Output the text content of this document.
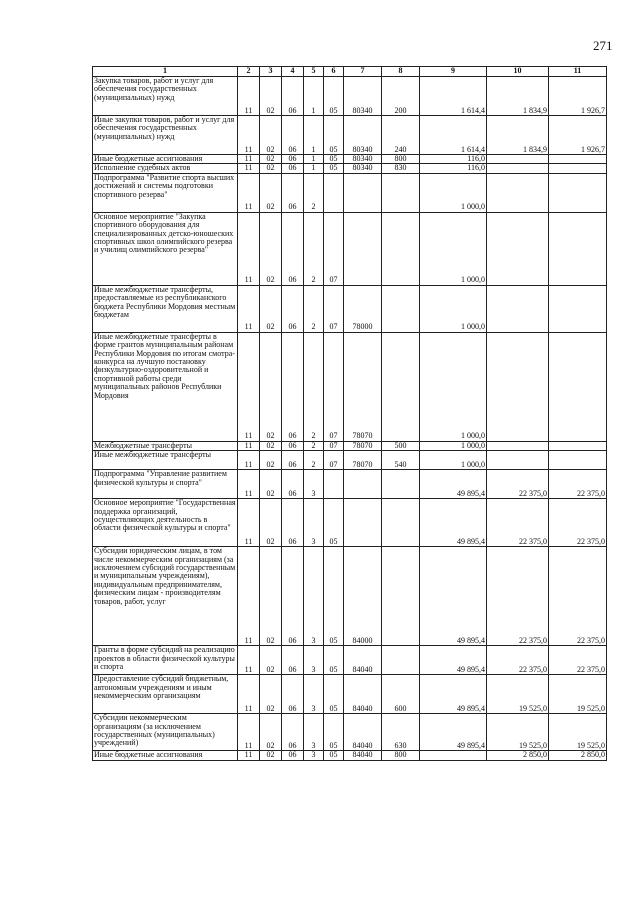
271
1	2	3	4	5	6	7	8	9	10	11
Закупка товаров, работ и услуг для обеспечения государственных (муниципальных) нужд	11	02	06	1	05	80340	200	1 614,4	1 834,9	1 926,7
Иные закупки товаров, работ и услуг для обеспечения государственных (муниципальных) нужд	11	02	06	1	05	80340	240	1 614,4	1 834,9	1 926,7
Иные бюджетные ассигнования	11	02	06	1	05	80340	800	116,0		
Исполнение судебных актов	11	02	06	1	05	80340	830	116,0		
Подпрограмма "Развитие спорта высших достижений и системы подготовки спортивного резерва"	11	02	06	2				1 000,0		
Основное мероприятие "Закупка спортивного оборудования для специализированных детско-юношеских спортивных школ олимпийского резерва и училищ олимпийского резерва"	11	02	06	2	07			1 000,0		
Иные межбюджетные трансферты, предоставляемые из республиканского бюджета Республики Мордовия местным бюджетам	11	02	06	2	07	78000		1 000,0		
Иные межбюджетные трансферты в форме грантов муниципальным районам Республики Мордовия по итогам смотра-конкурса на лучшую постановку физкультурно-оздоровительной и спортивной работы среди муниципальных районов Республики Мордовия	11	02	06	2	07	78070		1 000,0		
Межбюджетные трансферты	11	02	06	2	07	78070	500	1 000,0		
Иные межбюджетные трансферты	11	02	06	2	07	78070	540	1 000,0		
Подпрограмма "Управление развитием физической культуры и спорта"	11	02	06	3				49 895,4	22 375,0	22 375,0
Основное мероприятие "Государственная поддержка организаций, осуществляющих деятельность в области физической культуры и спорта"	11	02	06	3	05			49 895,4	22 375,0	22 375,0
Субсидии юридическим лицам, в том числе некоммерческим организациям (за исключением субсидий государственным и муниципальным учреждениям), индивидуальным предпринимателям, физическим лицам - производителям товаров, работ, услуг	11	02	06	3	05	84000		49 895,4	22 375,0	22 375,0
Гранты в форме субсидий на реализацию проектов в области физической культуры и спорта	11	02	06	3	05	84040		49 895,4	22 375,0	22 375,0
Предоставление субсидий бюджетным, автономным учреждениям и иным некоммерческим организациям	11	02	06	3	05	84040	600	49 895,4	19 525,0	19 525,0
Субсидии некоммерческим организациям (за исключением государственных (муниципальных) учреждений)	11	02	06	3	05	84040	630	49 895,4	19 525,0	19 525,0
Иные бюджетные ассигнования	11	02	06	3	05	84040	800		2 850,0	2 850,0
